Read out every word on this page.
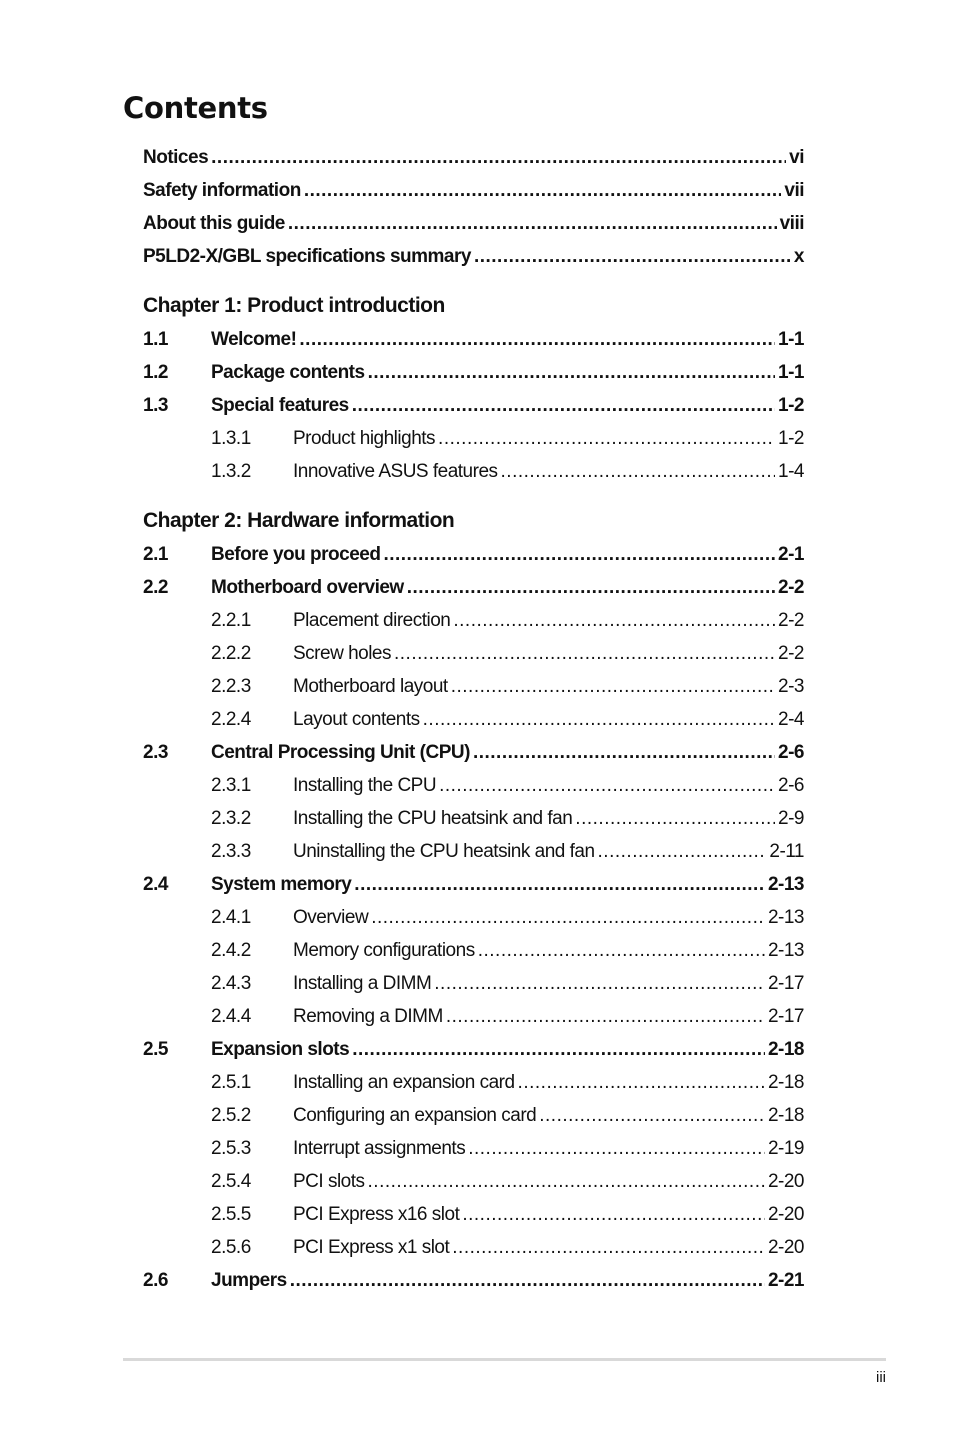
Contents
Notices .....	vi
Safety information .....	vii
About this guide .....	viii
P5LD2-X/GBL specifications summary .....	x
Chapter 1: Product introduction
1.1	Welcome! .....	1-1
1.2	Package contents .....	1-1
1.3	Special features .....	1-2
1.3.1	Product highlights .....	1-2
1.3.2	Innovative ASUS features .....	1-4
Chapter 2: Hardware information
2.1	Before you proceed .....	2-1
2.2	Motherboard overview .....	2-2
2.2.1	Placement direction .....	2-2
2.2.2	Screw holes .....	2-2
2.2.3	Motherboard layout .....	2-3
2.2.4	Layout contents .....	2-4
2.3	Central Processing Unit (CPU) .....	2-6
2.3.1	Installing the CPU .....	2-6
2.3.2	Installing the CPU heatsink and fan .....	2-9
2.3.3	Uninstalling the CPU heatsink and fan .....	2-11
2.4	System memory .....	2-13
2.4.1	Overview .....	2-13
2.4.2	Memory configurations .....	2-13
2.4.3	Installing a DIMM .....	2-17
2.4.4	Removing a DIMM .....	2-17
2.5	Expansion slots .....	2-18
2.5.1	Installing an expansion card .....	2-18
2.5.2	Configuring an expansion card .....	2-18
2.5.3	Interrupt assignments .....	2-19
2.5.4	PCI slots .....	2-20
2.5.5	PCI Express x16 slot .....	2-20
2.5.6	PCI Express x1 slot .....	2-20
2.6	Jumpers .....	2-21
iii
